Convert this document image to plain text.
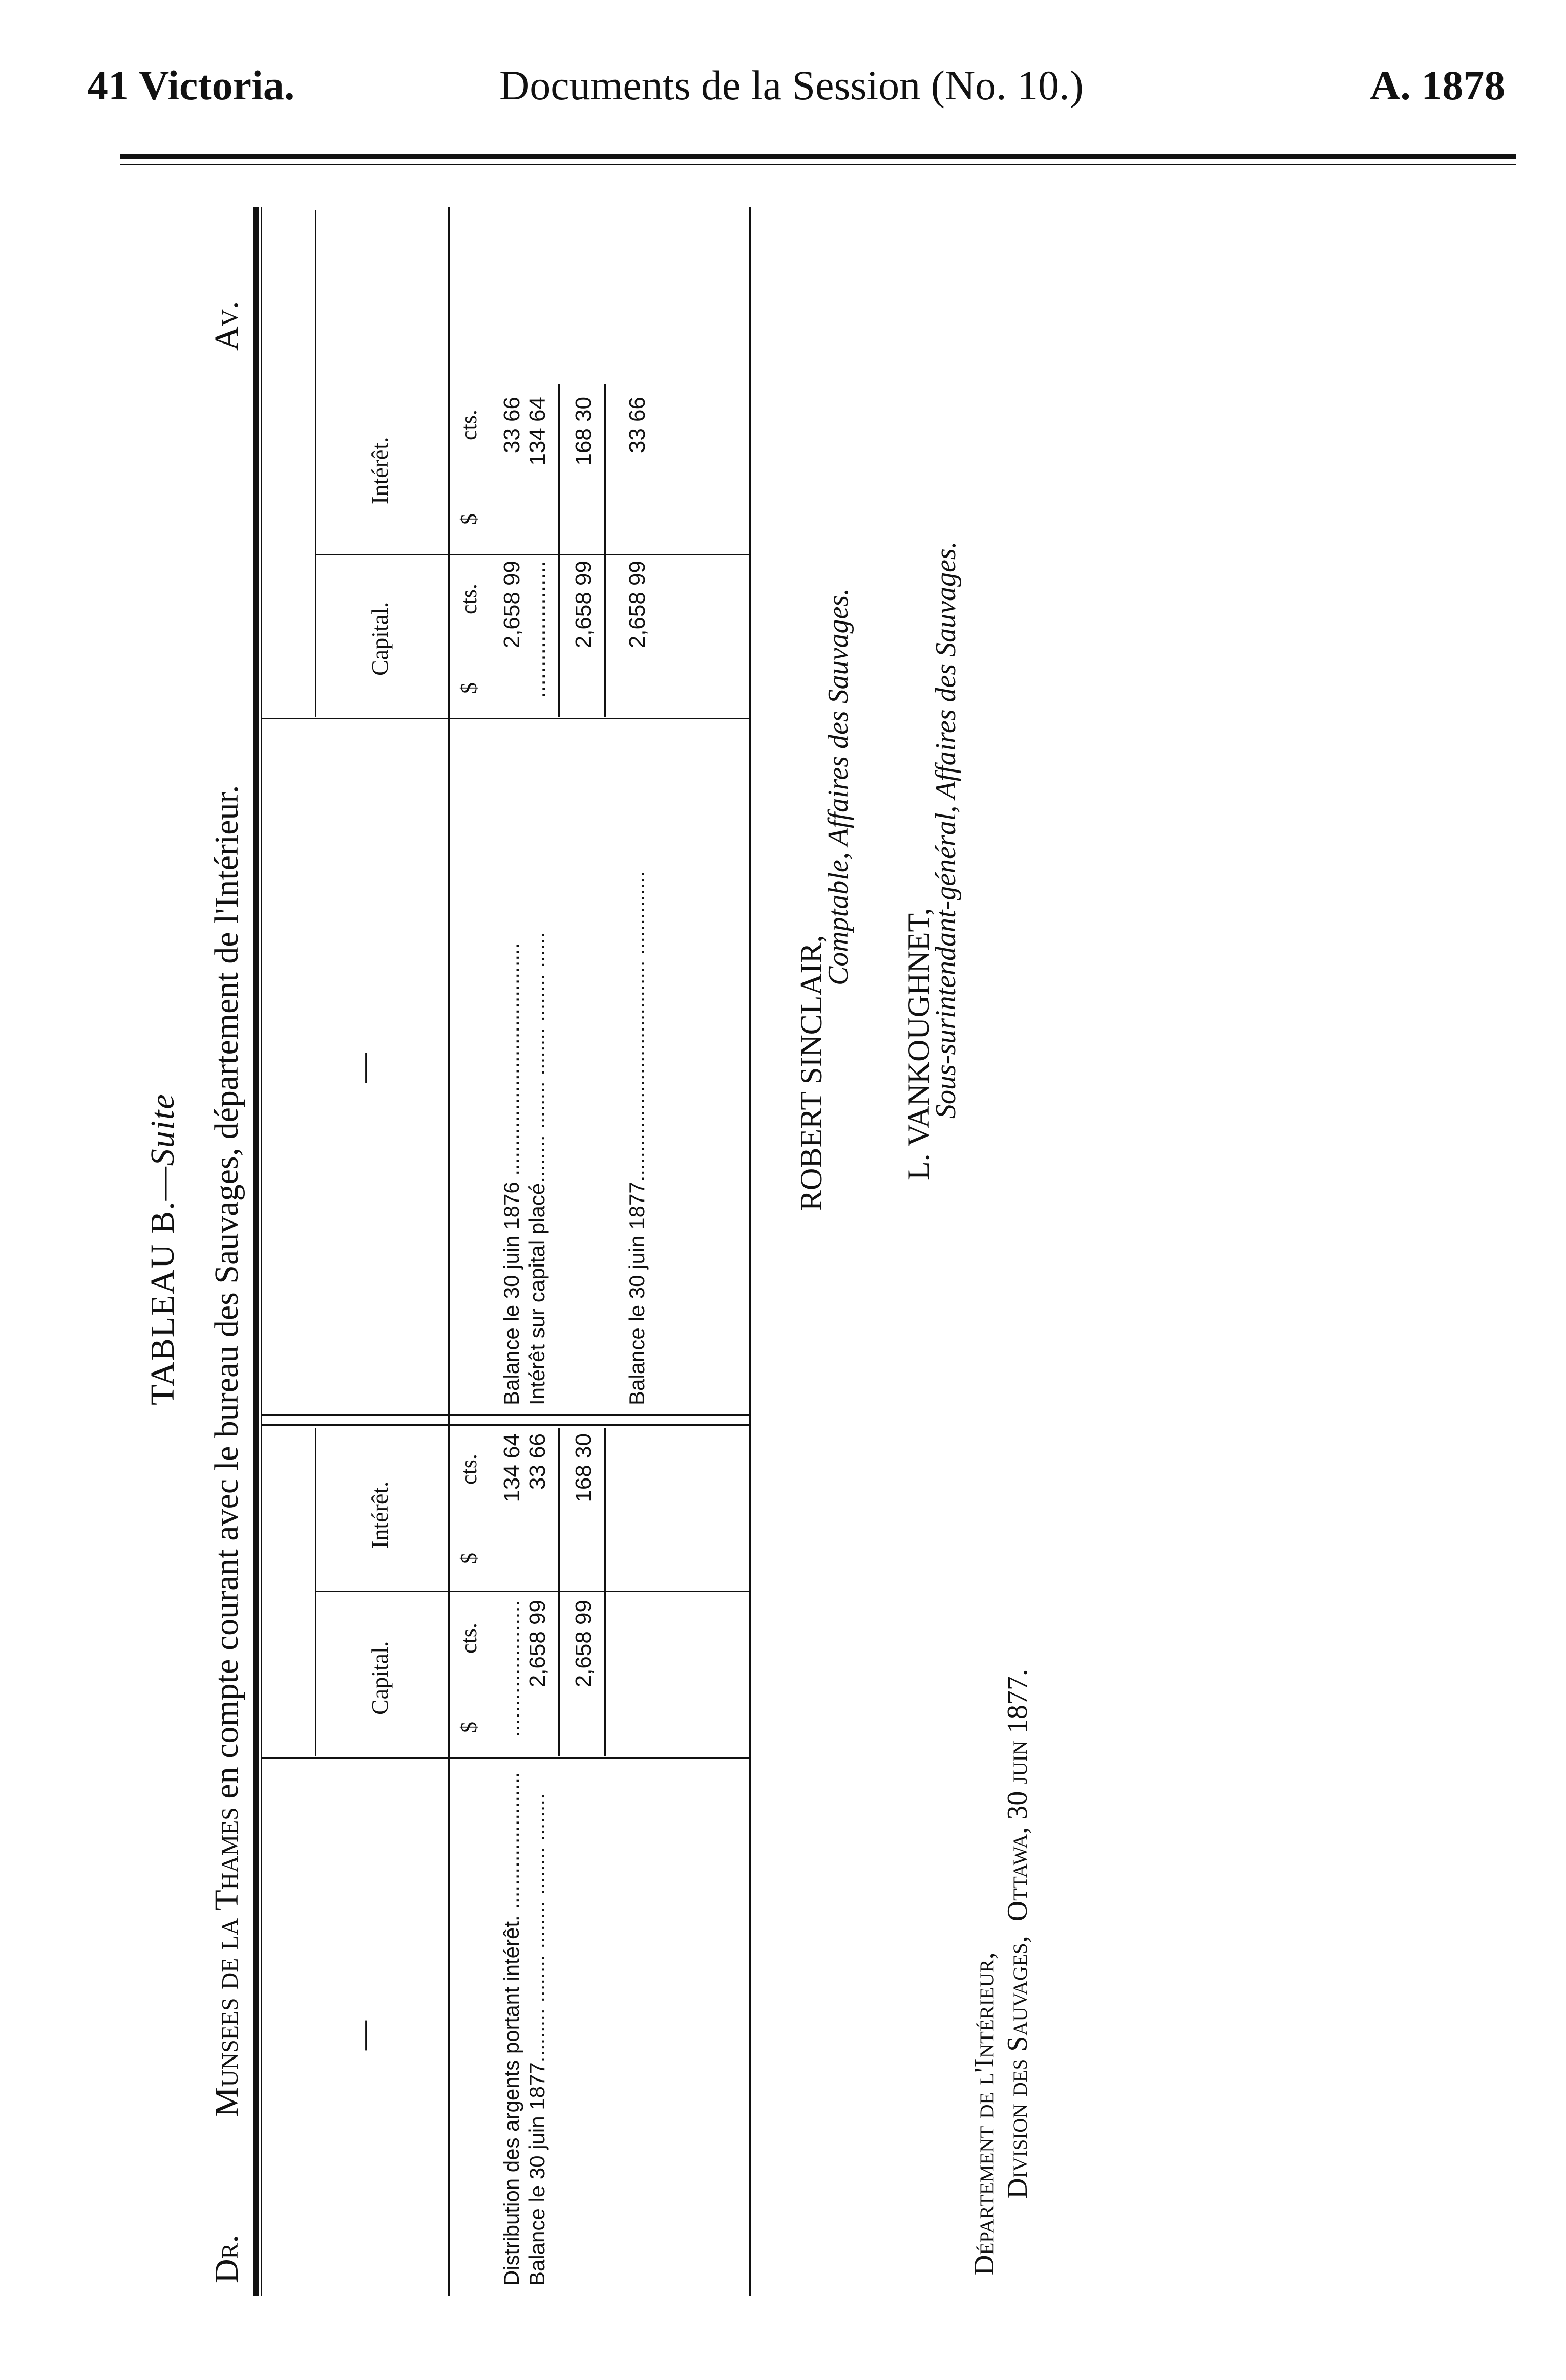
41 Victoria.	Documents de la Session (No. 10.)	A. 1878
TABLEAU B.—Suite
Dr.
Munsees de la Thames en compte courant avec le bureau des Sauvages, département de l'Intérieur.
Av.
—
Capital.
Intérêt.
—
Capital.
Intérêt.
$
cts.
$
cts.
$
cts.
$
cts.
Distribution des argents portant intérêt. .......................
......................
134 64
Balance le 30 juin 1877......... ........ ........ ........ ........
2,658 99
33 66
2,658 99
168 30
Balance le 30 juin 1876 .......................................
2,658 99
33 66
Intérêt sur capital placé........ ........ ........ ........ ......
......................
134 64
2,658 99
168 30
Balance le 30 juin 1877..................................... ..............
2,658 99
33 66
ROBERT SINCLAIR,
Comptable, Affaires des Sauvages.
L. VANKOUGHNET,
Sous-surintendant-général, Affaires des Sauvages.
Département de l'Intérieur, Division des Sauvages,  Ottawa, 30 juin 1877.
